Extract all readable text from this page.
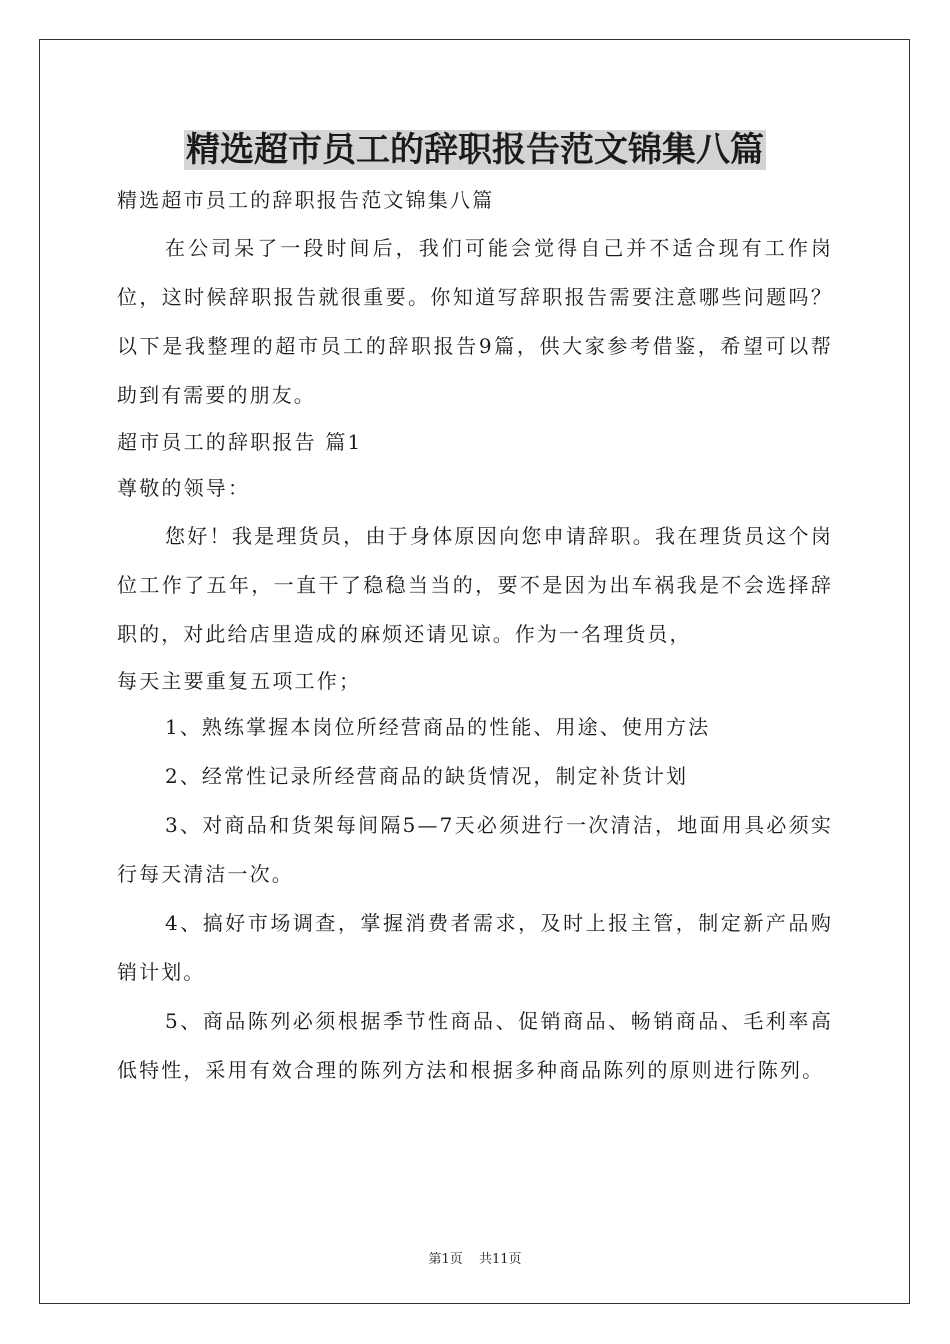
精选超市员工的辞职报告范文锦集八篇

精选超市员工的辞职报告范文锦集八篇

在公司呆了一段时间后，我们可能会觉得自己并不适合现有工作岗位，这时候辞职报告就很重要。你知道写辞职报告需要注意哪些问题吗？以下是我整理的超市员工的辞职报告9篇，供大家参考借鉴，希望可以帮助到有需要的朋友。

超市员工的辞职报告 篇1

尊敬的领导：

您好！我是理货员，由于身体原因向您申请辞职。我在理货员这个岗位工作了五年，一直干了稳稳当当的，要不是因为出车祸我是不会选择辞职的，对此给店里造成的麻烦还请见谅。作为一名理货员，

每天主要重复五项工作；

1、熟练掌握本岗位所经营商品的性能、用途、使用方法

2、经常性记录所经营商品的缺货情况，制定补货计划

3、对商品和货架每间隔5—7天必须进行一次清洁，地面用具必须实行每天清洁一次。

4、搞好市场调查，掌握消费者需求，及时上报主管，制定新产品购销计划。

5、商品陈列必须根据季节性商品、促销商品、畅销商品、毛利率高低特性，采用有效合理的陈列方法和根据多种商品陈列的原则进行陈列。

第1页 共11页
